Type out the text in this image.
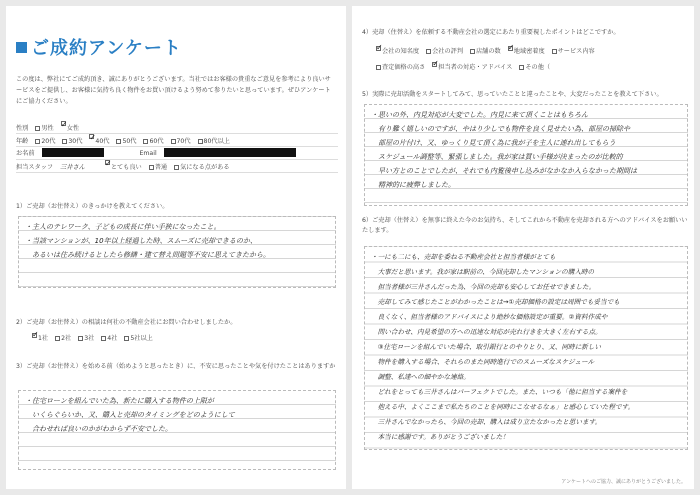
ご成約アンケート
この度は、弊社にてご成約頂き、誠にありがとうございます。当社ではお客様の貴重なご意見を参考により良いサービスをご提供し、お客様に気持ち良く物件をお買い頂けるよう努めて参りたいと思っています。ぜひアンケートにご協力ください。
性別 男性 ✓ 女性
年齢 20代 30代 ✓ 40代 50代 60代 70代 80代以上
お名前	Email
担当スタッフ 三井さん ✓	とても良い 普通 気になる点がある
1）ご売却（お住替え）のきっかけを教えてください。
・主人のテレワーク、子どもの成長に伴い手狭になったこと。
・当該マンションが、10年以上経過した時、スムーズに売却できるのか、
　あるいは住み続けるとしたら修繕・建て替え問題等不安に思えてきたから。
2）ご売却（お住替え）の相談は何社の不動産会社にお問い合わせしましたか。
✓1社 2社 3社 4社 5社以上
3）ご売却（お住替え）を始める前（始めようと思ったとき）に、不安に思ったことや気を付けたことはありますか
・住宅ローンを組んでいた為、新たに購入する物件の上限が
　いくらぐらいか、又、購入と売却のタイミングをどのようにして
　合わせれば良いのかがわからず不安でした。
4）売却（住替え）を依頼する不動産会社の選定にあたり重要視したポイントはどこですか。
✓会社の知名度 会社の評判 店舗の数 ✓ 地域密着度 サービス内容
査定価格の高さ ✓ 担当者の対応・アドバイス その他（
5）実際に売却活動をスタートしてみて、思っていたことと違ったことや、大変だったことを教えて下さい。
・思いの外、内見対応が大変でした。内見に来て頂くことはもちろん
　有り難く嬉しいのですが、やはり少しでも物件を良く見せたい為、部屋の掃除や
　部屋の片付け、又、ゆっくり見て頂く為に我が子を主人に連れ出してもらう
　スケジュール調整等、緊張しました。我が家は買い手様が決まったのが比較的
　早い方とのことでしたが、それでも内覧後申し込みがなかなか入らなかった期間は
　精神的に疲弊しました。
6）ご売却（住替え）を無事に終えた今のお気持ち、そしてこれから不動産を売却される方へのアドバイスをお願いいたします。
・一にも二にも、売却を委ねる不動産会社と担当者様がとても
　大事だと思います。我が家は駅前の、今回売却したマンションの購入時の
　担当者様が三井さんだった為、今回の売却も安心してお任せできました。
　売却してみて感じたことがわかったことは→①売却価格の設定は周囲でも妥当でも
　良くなく、担当者様のアドバイスにより絶妙な価格設定が重要。②資料作成や
　問い合わせ、内見希望の方への迅速な対応が売れ行きを大きく左右する点。
　③住宅ローンを組んでいた場合、取引銀行とのやりとり、又、同時に新しい
　物件を購入する場合、それらのまた同時進行でのスムーズなスケジュール
　調整、私達への細やかな連絡。
　どれをとっても三井さんはパーフェクトでした。また、いつも「他に担当する案件を
　抱える中、よくここまで私たちのことを同時にこなせるなぁ」と感心していた程です。
　三井さんでなかったら、今回の売却、購入は成り立たなかったと思います。
　本当に感謝です。ありがとうございました！
アンケートへのご協力、誠にありがとうございました。
